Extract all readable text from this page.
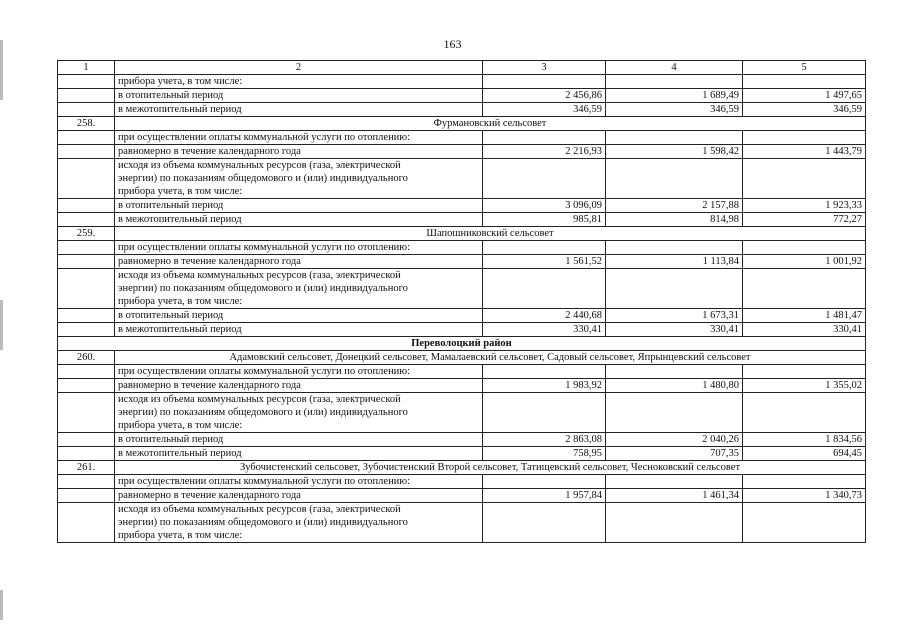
163
1	2	3	4	5
	прибора учета, в том числе:			
	в отопительный период	2 456,86	1 689,49	1 497,65
	в межотопительный период	346,59	346,59	346,59
258.	Фурмановский сельсовет			
	при осуществлении оплаты коммунальной услуги по отоплению:			
	равномерно в течение календарного года	2 216,93	1 598,42	1 443,79

	исходя из объема коммунальных ресурсов (газа, электрической
энергии) по показаниям общедомового и (или) индивидуального
прибора учета, в том числе:			

	в отопительный период	3 096,09	2 157,88	1 923,33
	в межотопительный период	985,81	814,98	772,27
259.	Шапошниковский сельсовет			
	при осуществлении оплаты коммунальной услуги по отоплению:			
	равномерно в течение календарного года	1 561,52	1 113,84	1 001,92

	исходя из объема коммунальных ресурсов (газа, электрической
энергии) по показаниям общедомового и (или) индивидуального
прибора учета, в том числе:			

	в отопительный период	2 440,68	1 673,31	1 481,47
	в межотопительный период	330,41	330,41	330,41
Переволоцкий район				
260.	Адамовский сельсовет, Донецкий сельсовет, Мамалаевский сельсовет, Садовый сельсовет, Япрынцевский сельсовет			
	при осуществлении оплаты коммунальной услуги по отоплению:			
	равномерно в течение календарного года	1 983,92	1 480,80	1 355,02

	исходя из объема коммунальных ресурсов (газа, электрической
энергии) по показаниям общедомового и (или) индивидуального
прибора учета, в том числе:			

	в отопительный период	2 863,08	2 040,26	1 834,56
	в межотопительный период	758,95	707,35	694,45
261.	Зубочистенский сельсовет, Зубочистенский Второй сельсовет, Татищевский сельсовет, Чесноковский сельсовет			
	при осуществлении оплаты коммунальной услуги по отоплению:			
	равномерно в течение календарного года	1 957,84	1 461,34	1 340,73

	исходя из объема коммунальных ресурсов (газа, электрической
энергии) по показаниям общедомового и (или) индивидуального
прибора учета, в том числе:			
